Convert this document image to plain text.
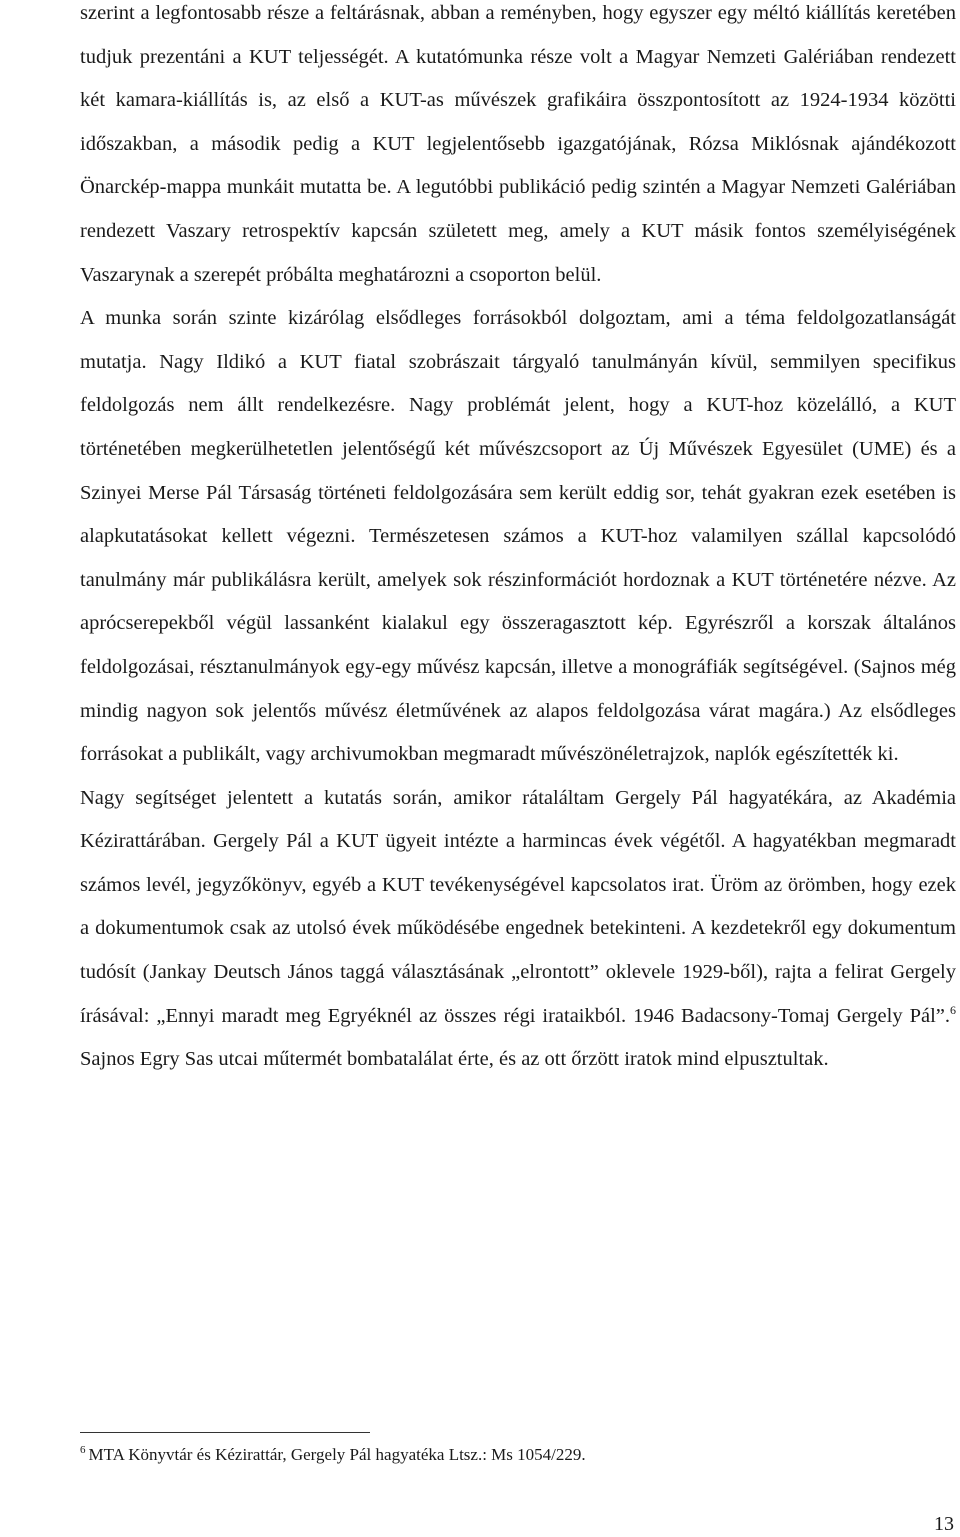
szerint a legfontosabb része a feltárásnak, abban a reményben, hogy egyszer egy méltó kiállítás keretében tudjuk prezentáni a KUT teljességét. A kutatómunka része volt a Magyar Nemzeti Galériában rendezett két kamara-kiállítás is, az első a KUT-as művészek grafikáira összpontosított az 1924-1934 közötti időszakban, a második pedig a KUT legjelentősebb igazgatójának, Rózsa Miklósnak ajándékozott Önarckép-mappa munkáit mutatta be. A legutóbbi publikáció pedig szintén a Magyar Nemzeti Galériában rendezett Vaszary retrospektív kapcsán született meg, amely a KUT másik fontos személyiségének Vaszarynak a szerepét próbálta meghatározni a csoporton belül.

A munka során szinte kizárólag elsődleges forrásokból dolgoztam, ami a téma feldolgozatlanságát mutatja. Nagy Ildikó a KUT fiatal szobrászait tárgyaló tanulmányán kívül, semmilyen specifikus feldolgozás nem állt rendelkezésre. Nagy problémát jelent, hogy a KUT-hoz közelálló, a KUT történetében megkerülhetetlen jelentőségű két művészcsoport az Új Művészek Egyesület (UME) és a Szinyei Merse Pál Társaság történeti feldolgozására sem került eddig sor, tehát gyakran ezek esetében is alapkutatásokat kellett végezni. Természetesen számos a KUT-hoz valamilyen szállal kapcsolódó tanulmány már publikálásra került, amelyek sok részinformációt hordoznak a KUT történetére nézve. Az aprócserepekből végül lassanként kialakul egy összeragasztott kép. Egyrészről a korszak általános feldolgozásai, résztanulmányok egy-egy művész kapcsán, illetve a monográfiák segítségével. (Sajnos még mindig nagyon sok jelentős művész életművének az alapos feldolgozása várat magára.) Az elsődleges forrásokat a publikált, vagy archivumokban megmaradt művészönéletrajzok, naplók egészítették ki.

Nagy segítséget jelentett a kutatás során, amikor rátaláltam Gergely Pál hagyatékára, az Akadémia Kézirattárában. Gergely Pál a KUT ügyeit intézte a harmincas évek végétől. A hagyatékban megmaradt számos levél, jegyzőkönyv, egyéb a KUT tevékenységével kapcsolatos irat. Üröm az örömben, hogy ezek a dokumentumok csak az utolsó évek működésébe engednek betekinteni. A kezdetekről egy dokumentum tudósít (Jankay Deutsch János taggá választásának „elrontott” oklevele 1929-ből), rajta a felirat Gergely írásával: „Ennyi maradt meg Egryéknél az összes régi irataikból. 1946 Badacsony-Tomaj Gergely Pál”.$^6$ Sajnos Egry Sas utcai műtermét bombatalálat érte, és az ott őrzött iratok mind elpusztultak.

$^6$ MTA Könyvtár és Kézirattár, Gergely Pál hagyatéka Ltsz.: Ms 1054/229.
13
